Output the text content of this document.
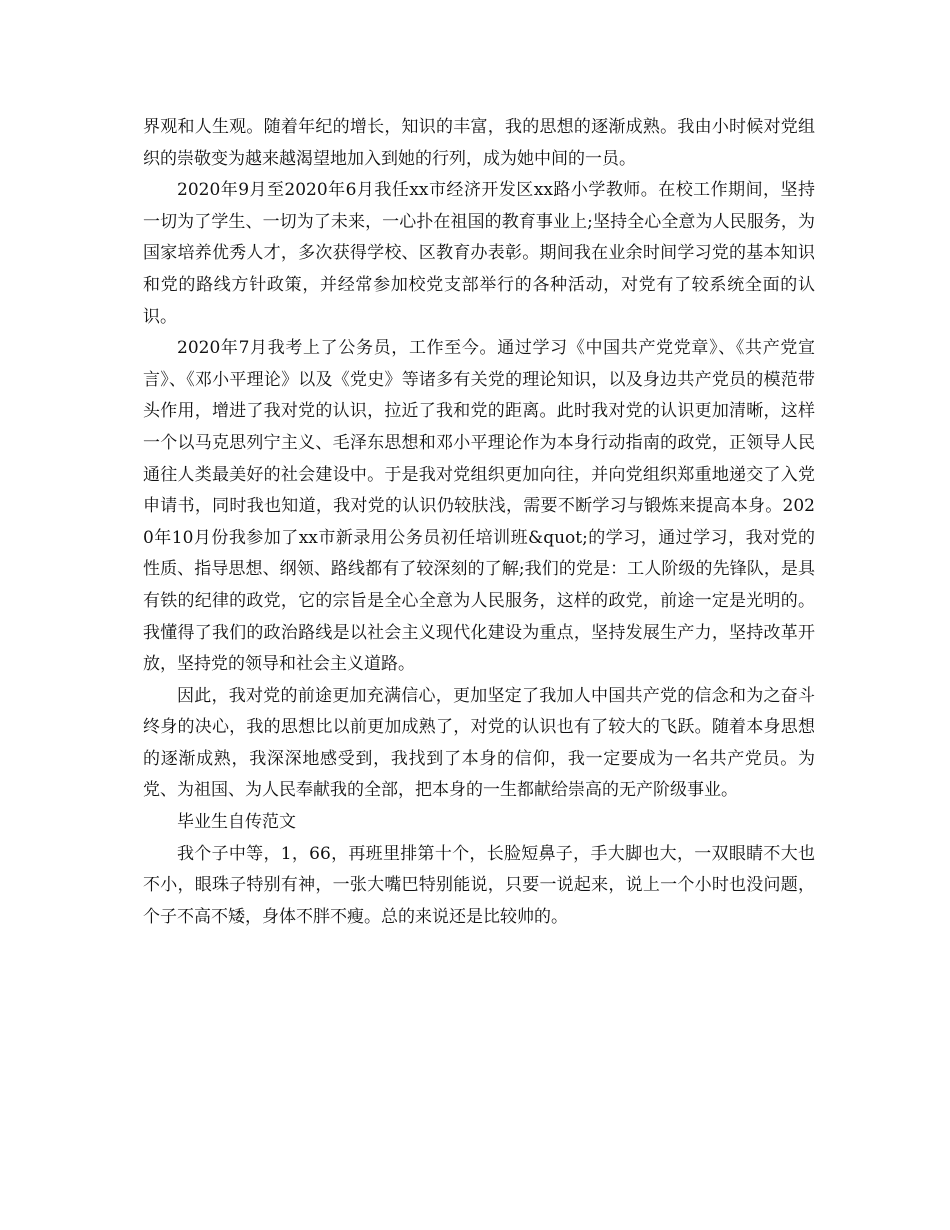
界观和人生观。随着年纪的增长，知识的丰富，我的思想的逐渐成熟。我由小时候对党组织的崇敬变为越来越渴望地加入到她的行列，成为她中间的一员。

2020年9月至2020年6月我任xx市经济开发区xx路小学教师。在校工作期间，坚持一切为了学生、一切为了未来，一心扑在祖国的教育事业上;坚持全心全意为人民服务，为国家培养优秀人才，多次获得学校、区教育办表彰。期间我在业余时间学习党的基本知识和党的路线方针政策，并经常参加校党支部举行的各种活动，对党有了较系统全面的认识。

2020年7月我考上了公务员，工作至今。通过学习《中国共产党党章》、《共产党宣言》、《邓小平理论》以及《党史》等诸多有关党的理论知识，以及身边共产党员的模范带头作用，增进了我对党的认识，拉近了我和党的距离。此时我对党的认识更加清晰，这样一个以马克思列宁主义、毛泽东思想和邓小平理论作为本身行动指南的政党，正领导人民通往人类最美好的社会建设中。于是我对党组织更加向往，并向党组织郑重地递交了入党申请书，同时我也知道，我对党的认识仍较肤浅，需要不断学习与锻炼来提高本身。2020年10月份我参加了xx市新录用公务员初任培训班&quot;的学习，通过学习，我对党的性质、指导思想、纲领、路线都有了较深刻的了解;我们的党是：工人阶级的先锋队，是具有铁的纪律的政党，它的宗旨是全心全意为人民服务，这样的政党，前途一定是光明的。我懂得了我们的政治路线是以社会主义现代化建设为重点，坚持发展生产力，坚持改革开放，坚持党的领导和社会主义道路。

因此，我对党的前途更加充满信心，更加坚定了我加人中国共产党的信念和为之奋斗终身的决心，我的思想比以前更加成熟了，对党的认识也有了较大的飞跃。随着本身思想的逐渐成熟，我深深地感受到，我找到了本身的信仰，我一定要成为一名共产党员。为党、为祖国、为人民奉献我的全部，把本身的一生都献给崇高的无产阶级事业。

毕业生自传范文

我个子中等，1，66，再班里排第十个，长脸短鼻子，手大脚也大，一双眼睛不大也不小，眼珠子特别有神，一张大嘴巴特别能说，只要一说起来，说上一个小时也没问题，个子不高不矮，身体不胖不瘦。总的来说还是比较帅的。
